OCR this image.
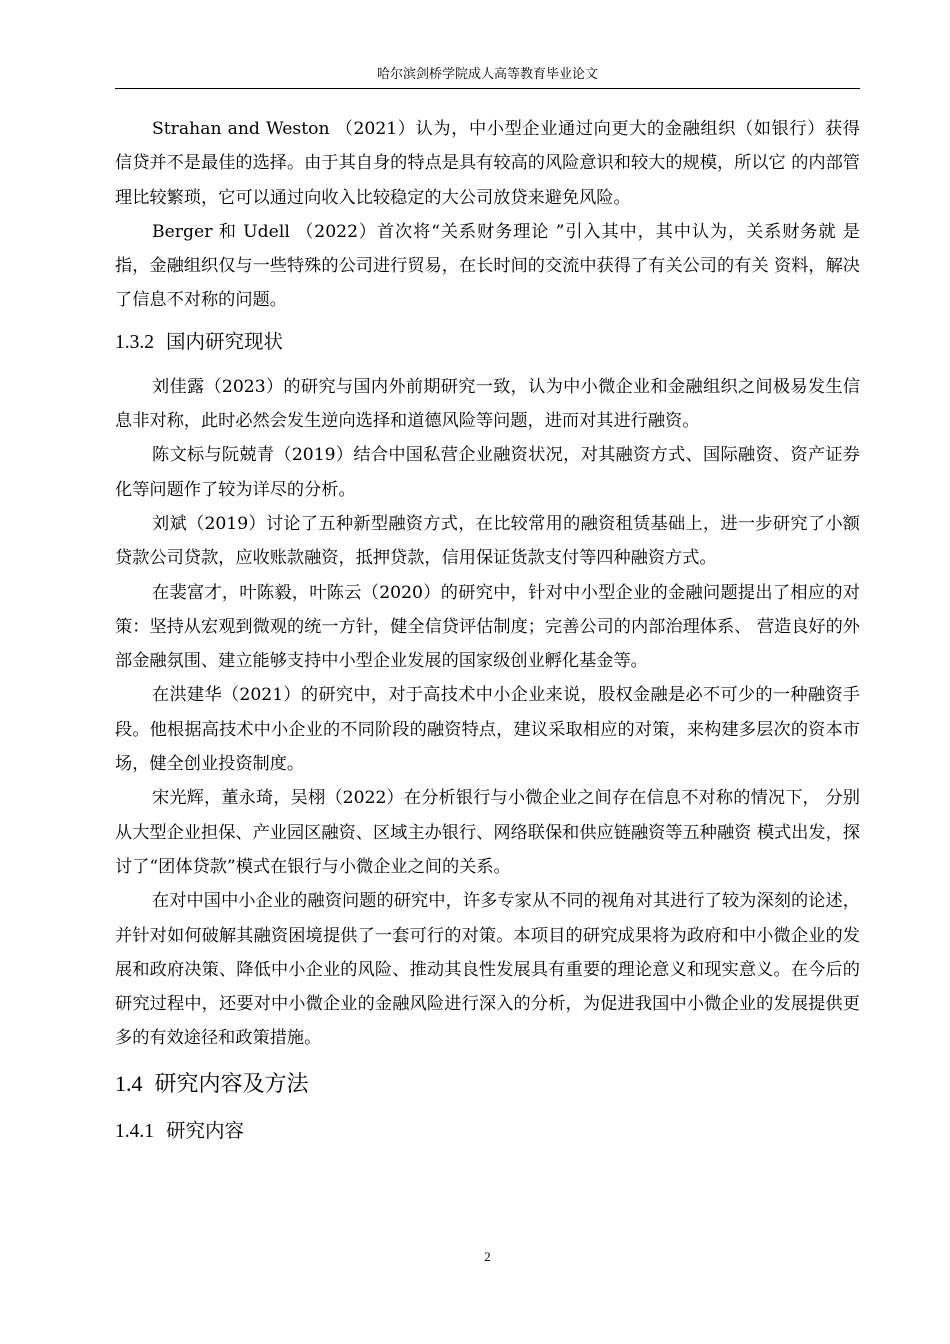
哈尔滨剑桥学院成人高等教育毕业论文

Strahan and Weston （2021）认为，中小型企业通过向更大的金融组织（如银行）获得 信贷并不是最佳的选择。由于其自身的特点是具有较高的风险意识和较大的规模，所以它 的内部管理比较繁琐，它可以通过向收入比较稳定的大公司放贷来避免风险。

Berger 和 Udell （2022）首次将“关系财务理论 ”引入其中，其中认为，关系财务就 是指，金融组织仅与一些特殊的公司进行贸易，在长时间的交流中获得了有关公司的有关 资料，解决了信息不对称的问题。

1.3.2 国内研究现状

刘佳露（2023）的研究与国内外前期研究一致，认为中小微企业和金融组织之间极易发生信息非对称，此时必然会发生逆向选择和道德风险等问题，进而对其进行融资。

陈文标与阮兢青（2019）结合中国私营企业融资状况，对其融资方式、国际融资、资产证券化等问题作了较为详尽的分析。

刘斌（2019）讨论了五种新型融资方式，在比较常用的融资租赁基础上，进一步研究了小额贷款公司贷款，应收账款融资，抵押贷款，信用保证货款支付等四种融资方式。

在裴富才，叶陈毅，叶陈云（2020）的研究中，针对中小型企业的金融问题提出了相应的对策：坚持从宏观到微观的统一方针，健全信贷评估制度；完善公司的内部治理体系、 营造良好的外部金融氛围、建立能够支持中小型企业发展的国家级创业孵化基金等。

在洪建华（2021）的研究中，对于高技术中小企业来说，股权金融是必不可少的一种融资手段。他根据高技术中小企业的不同阶段的融资特点，建议采取相应的对策，来构建多层次的资本市场，健全创业投资制度。

宋光辉，董永琦，吴栩（2022）在分析银行与小微企业之间存在信息不对称的情况下， 分别从大型企业担保、产业园区融资、区域主办银行、网络联保和供应链融资等五种融资 模式出发，探讨了“团体贷款”模式在银行与小微企业之间的关系。

在对中国中小企业的融资问题的研究中，许多专家从不同的视角对其进行了较为深刻的论述，并针对如何破解其融资困境提供了一套可行的对策。本项目的研究成果将为政府和中小微企业的发展和政府决策、降低中小企业的风险、推动其良性发展具有重要的理论意义和现实意义。在今后的研究过程中，还要对中小微企业的金融风险进行深入的分析，为促进我国中小微企业的发展提供更多的有效途径和政策措施。

1.4 研究内容及方法
1.4.1 研究内容
2
